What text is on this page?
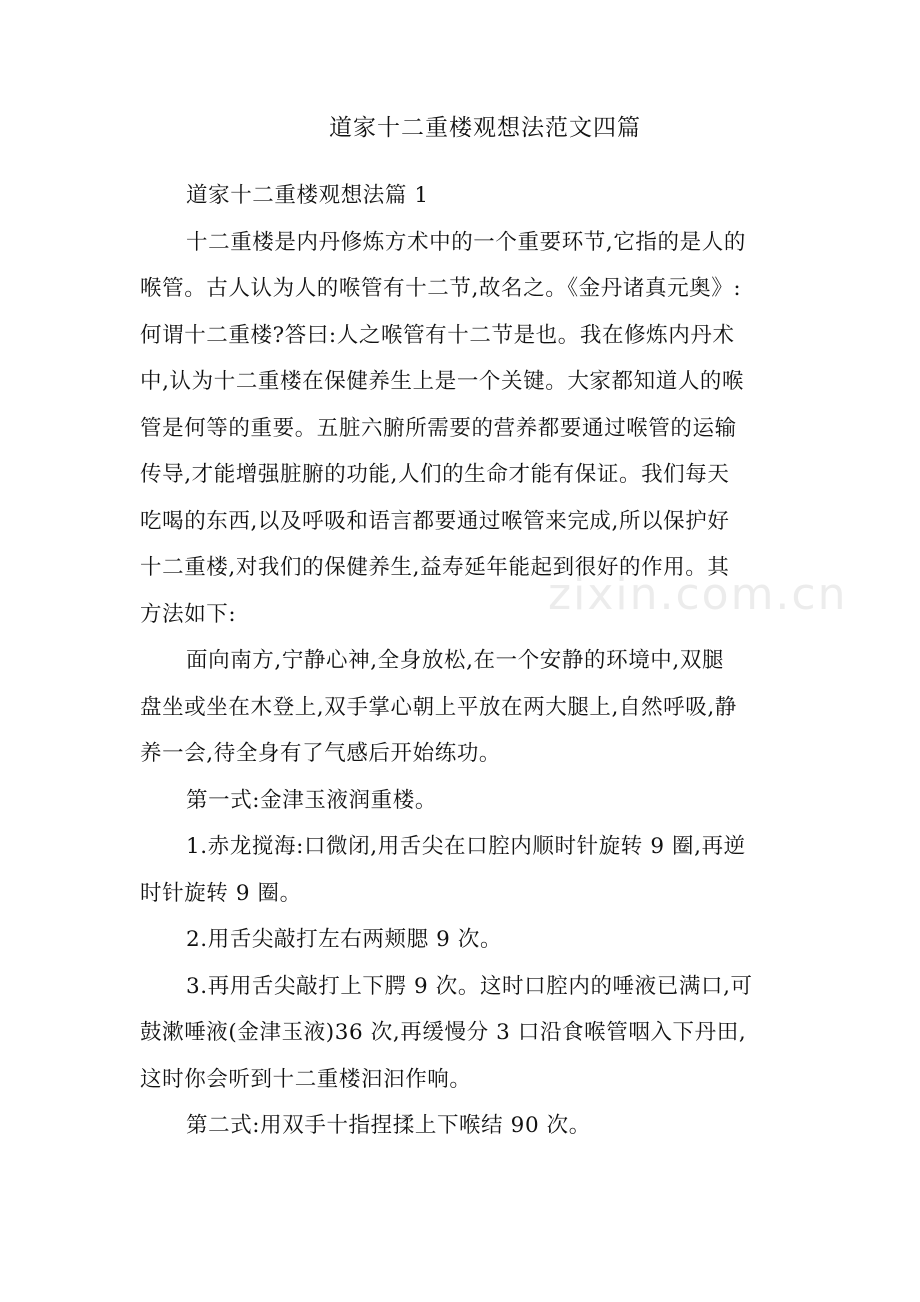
zixin.com.cn
道家十二重楼观想法范文四篇
道家十二重楼观想法篇 1
十二重楼是内丹修炼方术中的一个重要环节,它指的是人的
喉管。古人认为人的喉管有十二节,故名之。《金丹诸真元奥》:
何谓十二重楼?答曰:人之喉管有十二节是也。我在修炼内丹术
中,认为十二重楼在保健养生上是一个关键。大家都知道人的喉
管是何等的重要。五脏六腑所需要的营养都要通过喉管的运输
传导,才能增强脏腑的功能,人们的生命才能有保证。我们每天
吃喝的东西,以及呼吸和语言都要通过喉管来完成,所以保护好
十二重楼,对我们的保健养生,益寿延年能起到很好的作用。其
方法如下:
面向南方,宁静心神,全身放松,在一个安静的环境中,双腿
盘坐或坐在木登上,双手掌心朝上平放在两大腿上,自然呼吸,静
养一会,待全身有了气感后开始练功。
第一式:金津玉液润重楼。
1.赤龙搅海:口微闭,用舌尖在口腔内顺时针旋转 9 圈,再逆
时针旋转 9 圈。
2.用舌尖敲打左右两颊腮 9 次。
3.再用舌尖敲打上下腭 9 次。这时口腔内的唾液已满口,可
鼓漱唾液(金津玉液)36 次,再缓慢分 3 口沿食喉管咽入下丹田,
这时你会听到十二重楼汩汩作响。
第二式:用双手十指捏揉上下喉结 90 次。
